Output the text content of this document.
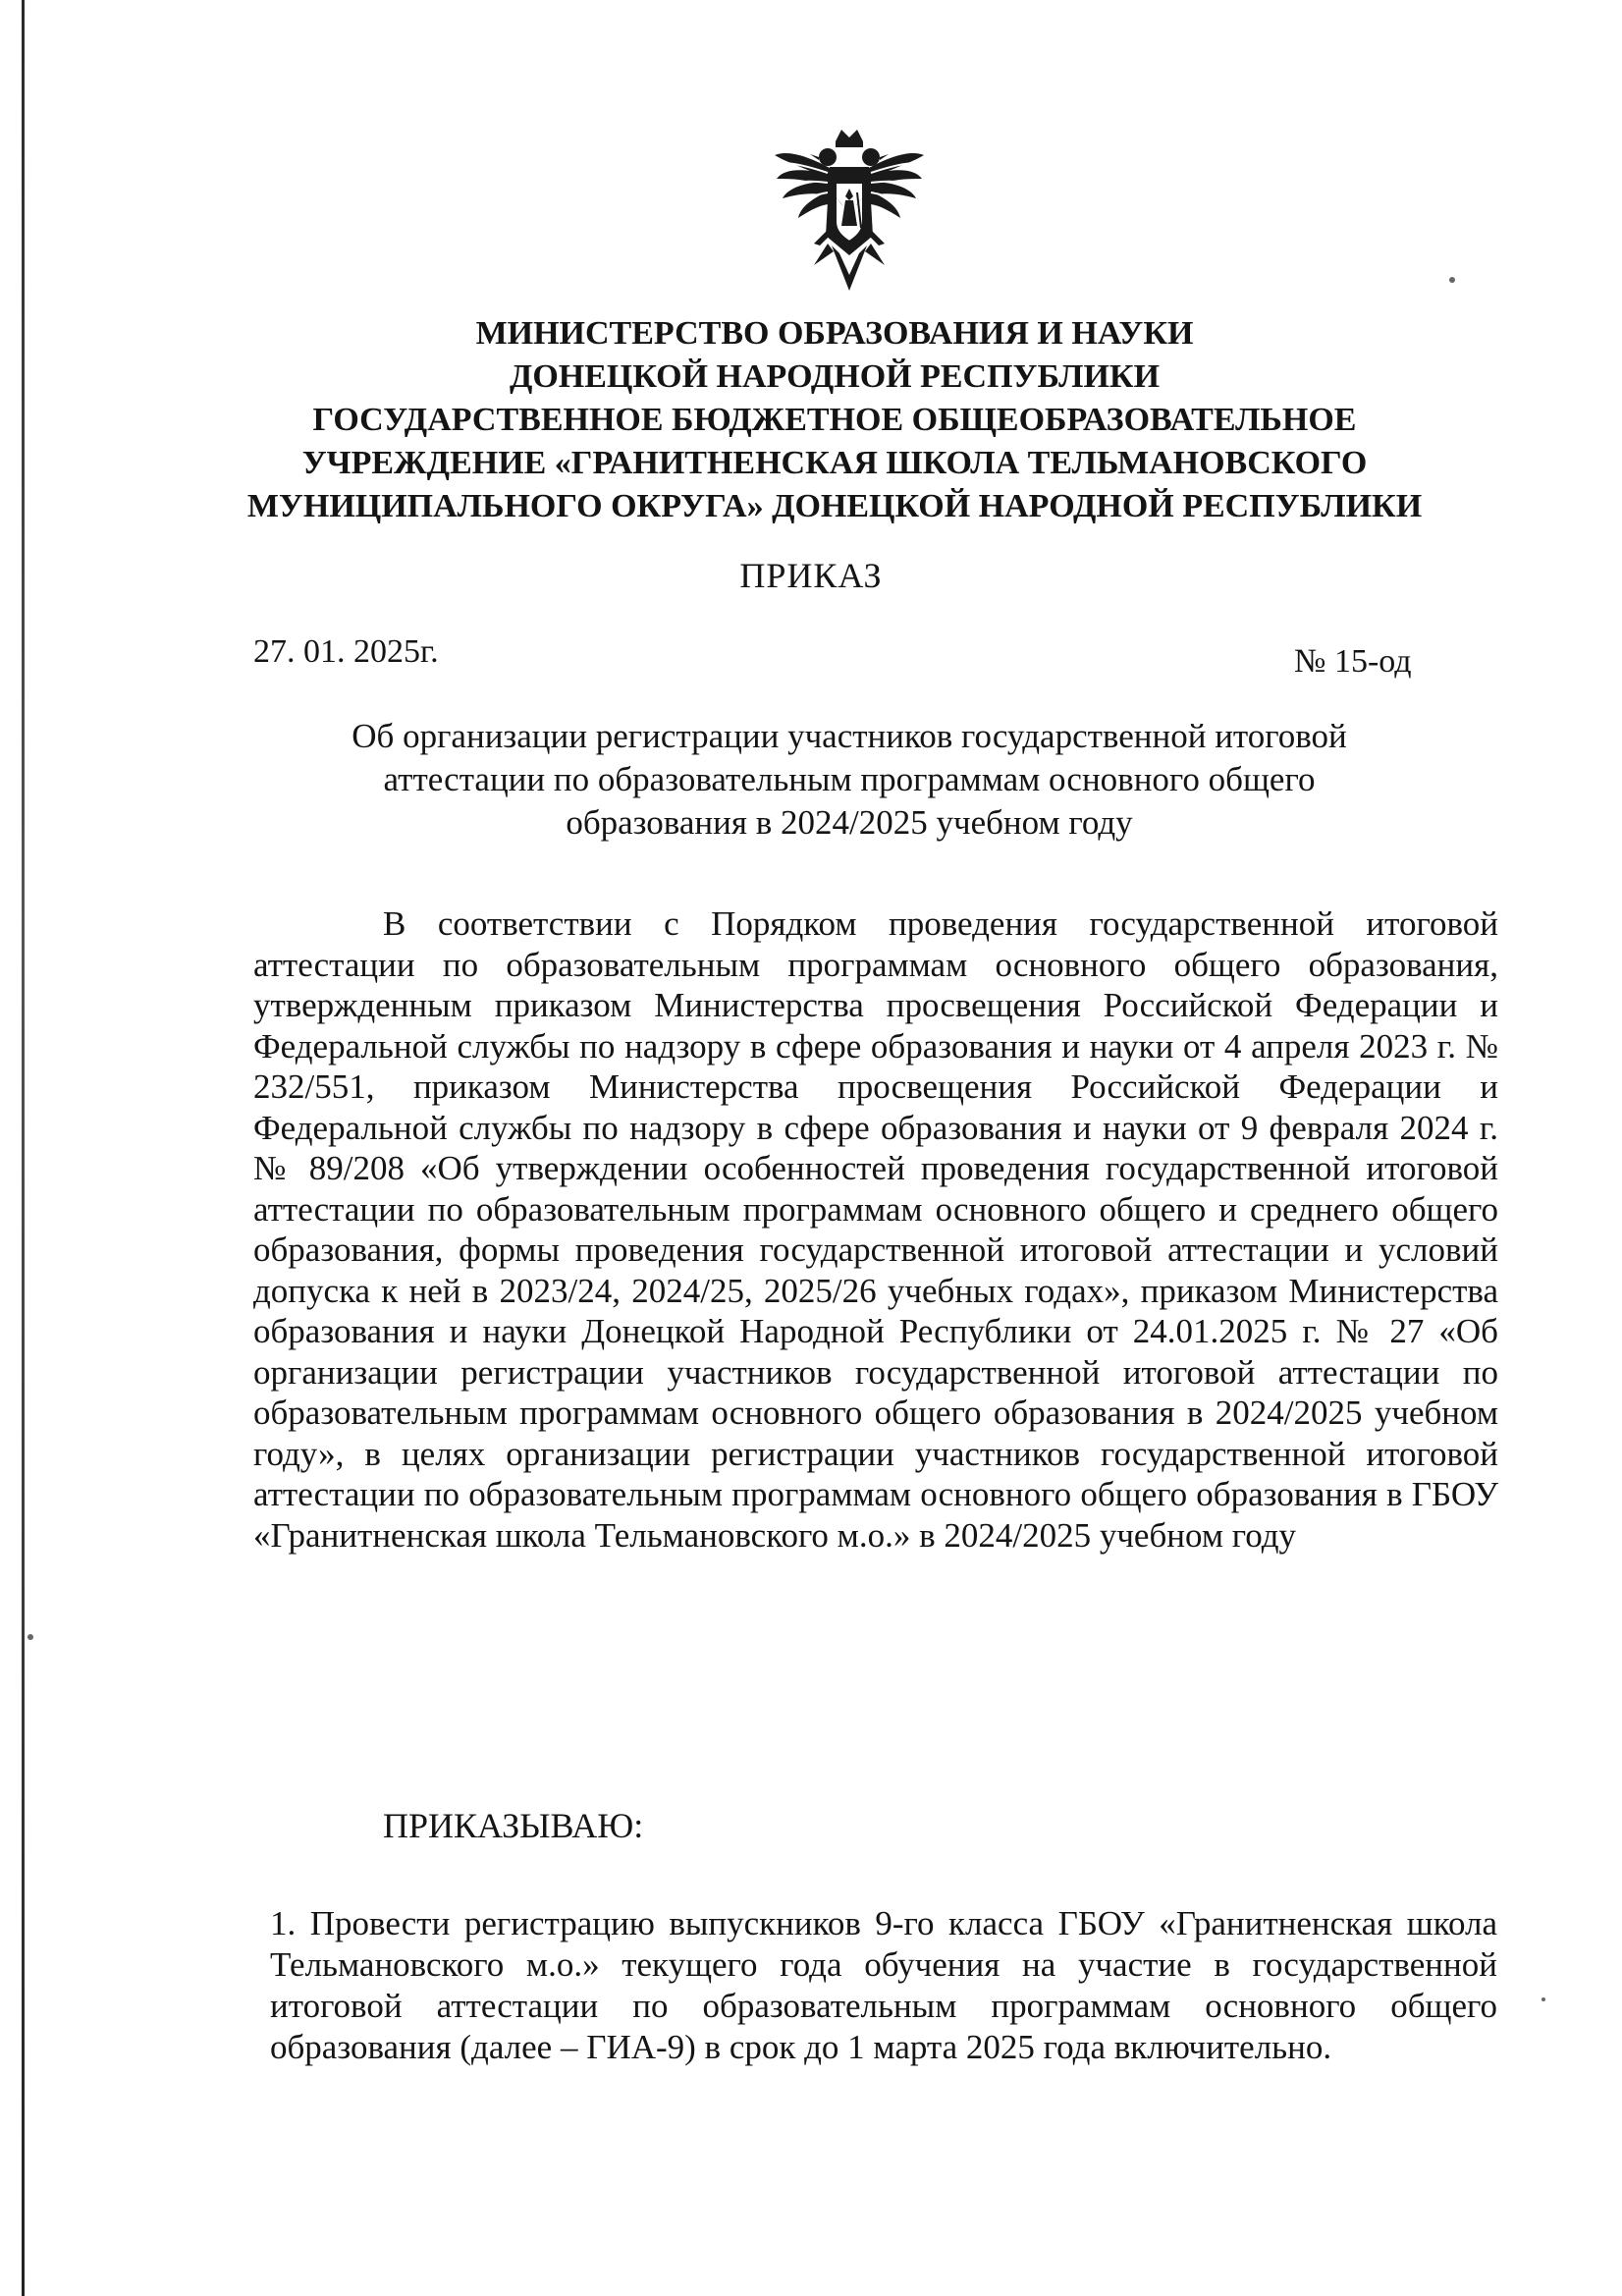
МИНИСТЕРСТВО ОБРАЗОВАНИЯ И НАУКИ
ДОНЕЦКОЙ НАРОДНОЙ РЕСПУБЛИКИ
ГОСУДАРСТВЕННОЕ БЮДЖЕТНОЕ ОБЩЕОБРАЗОВАТЕЛЬНОЕ
УЧРЕЖДЕНИЕ «ГРАНИТНЕНСКАЯ ШКОЛА ТЕЛЬМАНОВСКОГО
МУНИЦИПАЛЬНОГО ОКРУГА» ДОНЕЦКОЙ НАРОДНОЙ РЕСПУБЛИКИ
ПРИКАЗ
27. 01. 2025г.	№ 15-од
Об организации регистрации участников государственной итоговой
аттестации по образовательным программам основного общего
образования в 2024/2025 учебном году

В соответствии с Порядком проведения государственной итоговой аттестации по образовательным программам основного общего образования, утвержденным приказом Министерства просвещения Российской Федерации и Федеральной службы по надзору в сфере образования и науки от 4 апреля 2023 г. № 232/551, приказом Министерства просвещения Российской Федерации и Федеральной службы по надзору в сфере образования и науки от 9 февраля 2024 г. № 89/208 «Об утверждении особенностей проведения государственной итоговой аттестации по образовательным программам основного общего и среднего общего образования, формы проведения государственной итоговой аттестации и условий допуска к ней в 2023/24, 2024/25, 2025/26 учебных годах», приказом Министерства образования и науки Донецкой Народной Республики от 24.01.2025 г. № 27 «Об организации регистрации участников государственной итоговой аттестации по образовательным программам основного общего образования в 2024/2025 учебном году», в целях организации регистрации участников государственной итоговой аттестации по образовательным программам основного общего образования в ГБОУ «Гранитненская школа Тельмановского м.о.» в 2024/2025 учебном году

ПРИКАЗЫВАЮ:
1. Провести регистрацию выпускников 9-го класса ГБОУ «Гранитненская школа Тельмановского м.о.» текущего года обучения на участие в государственной итоговой аттестации по образовательным программам основного общего образования (далее – ГИА-9) в срок до 1 марта 2025 года включительно.
